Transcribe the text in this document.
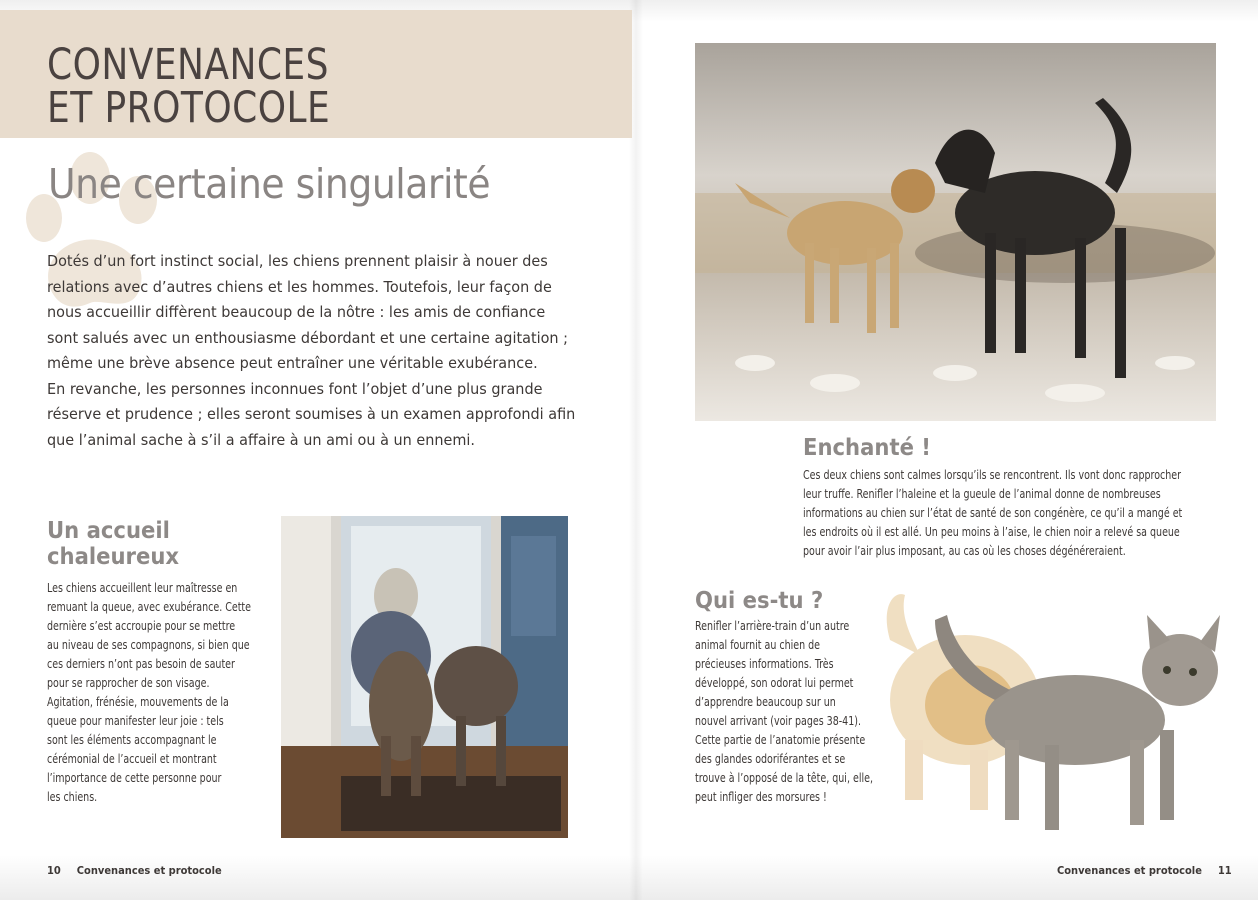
CONVENANCES
ET PROTOCOLE
Une certaine singularité

Dotés d’un fort instinct social, les chiens prennent plaisir à nouer des
relations avec d’autres chiens et les hommes. Toutefois, leur façon de
nous accueillir diffèrent beaucoup de la nôtre : les amis de confiance
sont salués avec un enthousiasme débordant et une certaine agitation ;
même une brève absence peut entraîner une véritable exubérance.
En revanche, les personnes inconnues font l’objet d’une plus grande
réserve et prudence ; elles seront soumises à un examen approfondi afin
que l’animal sache à s’il a affaire à un ami ou à un ennemi.

Un accueil
chaleureux

Les chiens accueillent leur maîtresse en
remuant la queue, avec exubérance. Cette
dernière s’est accroupie pour se mettre
au niveau de ses compagnons, si bien que
ces derniers n’ont pas besoin de sauter
pour se rapprocher de son visage.
Agitation, frénésie, mouvements de la
queue pour manifester leur joie : tels
sont les éléments accompagnant le
cérémonial de l’accueil et montrant
l’importance de cette personne pour
les chiens.

10 Convenances et protocole
Enchanté !

Ces deux chiens sont calmes lorsqu’ils se rencontrent. Ils vont donc rapprocher
leur truffe. Renifler l’haleine et la gueule de l’animal donne de nombreuses
informations au chien sur l’état de santé de son congénère, ce qu’il a mangé et
les endroits où il est allé. Un peu moins à l’aise, le chien noir a relevé sa queue
pour avoir l’air plus imposant, au cas où les choses dégénéreraient.

Qui es-tu ?

Renifler l’arrière-train d’un autre
animal fournit au chien de
précieuses informations. Très
développé, son odorat lui permet
d’apprendre beaucoup sur un
nouvel arrivant (voir pages 38-41).
Cette partie de l’anatomie présente
des glandes odoriférantes et se
trouve à l’opposé de la tête, qui, elle,
peut infliger des morsures !

Convenances et protocole 11
